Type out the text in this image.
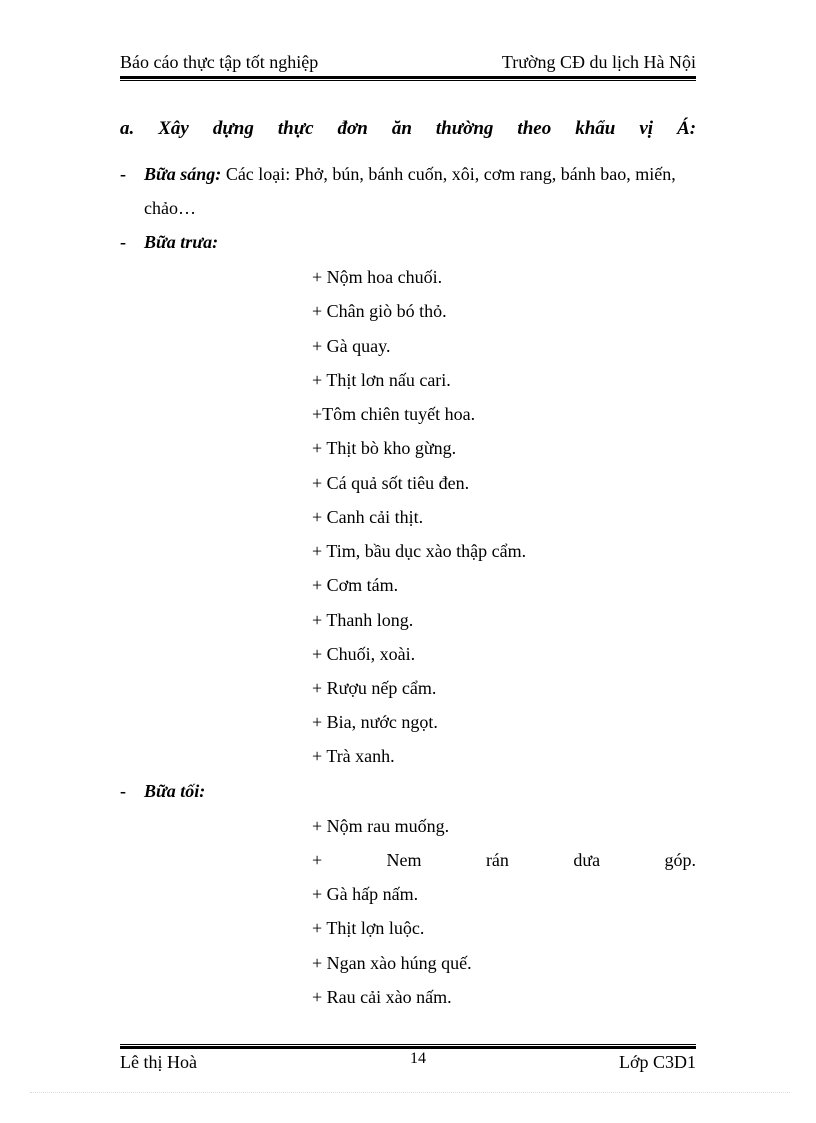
Báo cáo thực tập tốt nghiệp	Trường CĐ du lịch Hà Nội
a. Xây dựng thực đơn ăn thường theo khẩu vị Á:
- Bữa sáng: Các loại: Phở, bún, bánh cuốn, xôi, cơm rang, bánh bao, miến,
chảo…
- Bữa trưa:
+ Nộm hoa chuối.
+ Chân giò bó thỏ.
+ Gà quay.
+ Thịt lơn nấu cari.
+Tôm chiên tuyết hoa.
+ Thịt bò kho gừng.
+ Cá quả sốt tiêu đen.
+ Canh cải thịt.
+ Tim, bầu dục xào thập cẩm.
+ Cơm tám.
+ Thanh long.
+ Chuối, xoài.
+ Rượu nếp cẩm.
+ Bia, nước ngọt.
+ Trà xanh.
- Bữa tối:
+ Nộm rau muống.
+	Nem	rán	dưa	góp.
+ Gà hấp nấm.
+ Thịt lợn luộc.
+ Ngan xào húng quế.
+ Rau cải xào nấm.
Lê thị Hoà	14	Lớp C3D1
